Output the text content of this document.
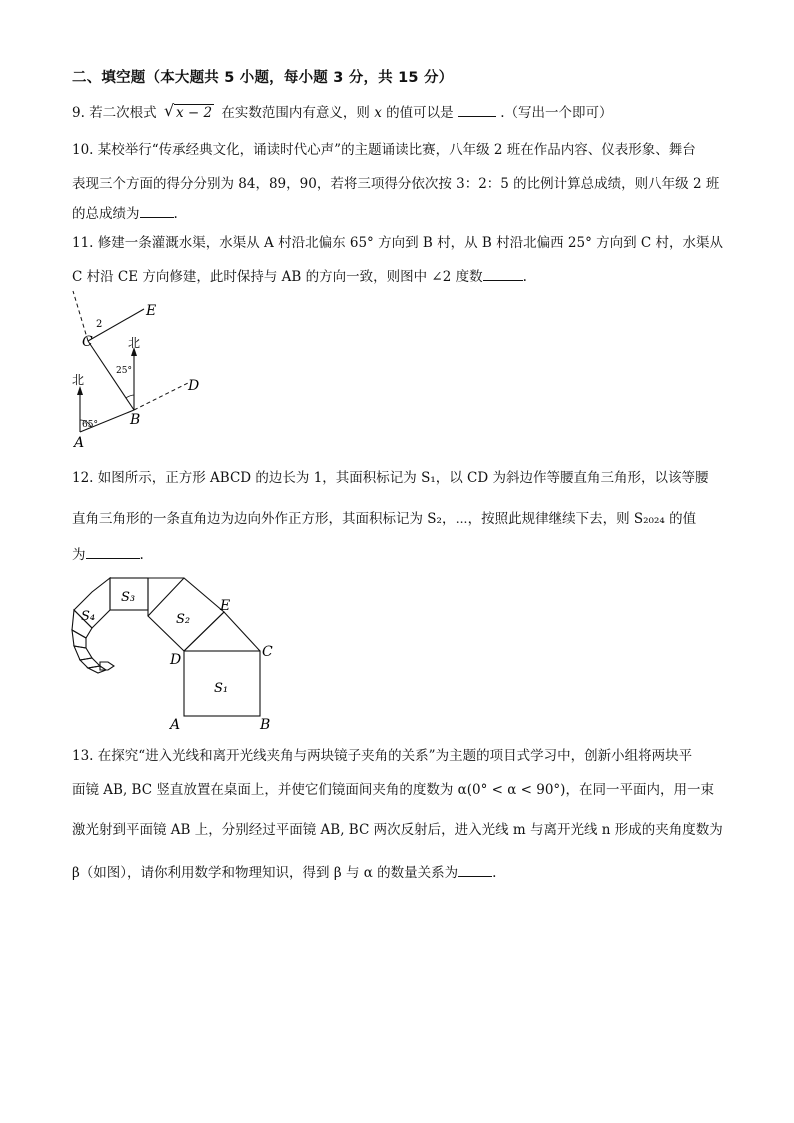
二、填空题（本大题共 5 小题，每小题 3 分，共 15 分）
9. 若二次根式 √ x − 2 在实数范围内有意义，则 x 的值可以是	.（写出一个即可）
10. 某校举行“传承经典文化，诵读时代心声”的主题诵读比赛，八年级 2 班在作品内容、仪表形象、舞台
表现三个方面的得分分别为 84，89，90，若将三项得分依次按 3：2：5 的比例计算总成绩，则八年级 2 班
的总成绩为	.
11. 修建一条灌溉水渠，水渠从 A 村沿北偏东 65° 方向到 B 村，从 B 村沿北偏西 25° 方向到 C 村，水渠从
C 村沿 CE 方向修建，此时保持与 AB 的方向一致，则图中 ∠2 度数	.
E
2
C	北
25°
D
北
65° B
A
12. 如图所示，正方形 ABCD 的边长为 1，其面积标记为 S₁，以 CD 为斜边作等腰直角三角形，以该等腰
直角三角形的一条直角边为边向外作正方形，其面积标记为 S₂，⋯，按照此规律继续下去，则 S₂₀₂₄ 的值
为	.
S₃
S₄	S₂
E
D	C
S₁
A	B
13. 在探究“进入光线和离开光线夹角与两块镜子夹角的关系”为主题的项目式学习中，创新小组将两块平
面镜 AB, BC 竖直放置在桌面上，并使它们镜面间夹角的度数为 α(0° < α < 90°)，在同一平面内，用一束
激光射到平面镜 AB 上，分别经过平面镜 AB, BC 两次反射后，进入光线 m 与离开光线 n 形成的夹角度数为
β（如图），请你利用数学和物理知识，得到 β 与 α 的数量关系为	.
